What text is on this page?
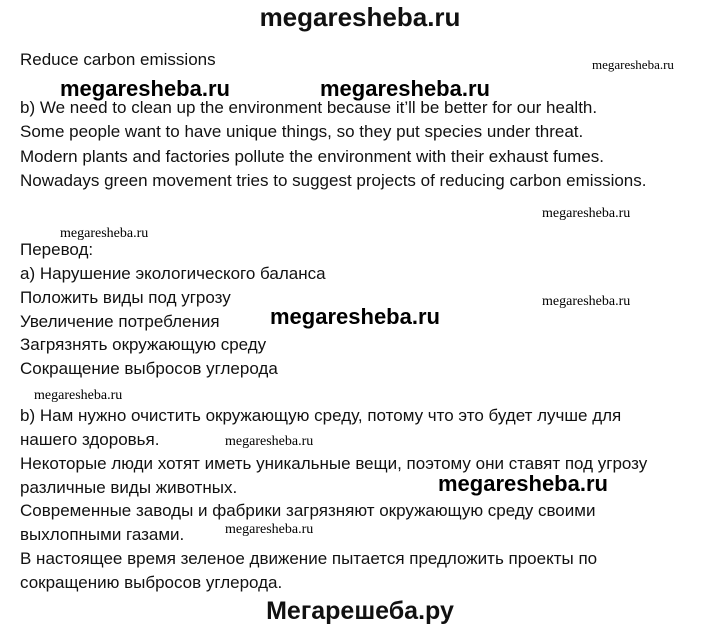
megaresheba.ru
Reduce carbon emissions
b) We need to clean up the environment because it’ll be better for our health.
Some people want to have unique things, so they put species under threat.
Modern plants and factories pollute the environment with their exhaust fumes.
Nowadays green movement tries to suggest projects of reducing carbon emissions.
Перевод:
a) Нарушение экологического баланса
Положить виды под угрозу
Увеличение потребления
Загрязнять окружающую среду
Сокращение выбросов углерода
b) Нам нужно очистить окружающую среду, потому что это будет лучше для
нашего здоровья.
Некоторые люди хотят иметь уникальные вещи, поэтому они ставят под угрозу
различные виды животных.
Современные заводы и фабрики загрязняют окружающую среду своими
выхлопными газами.
В настоящее время зеленое движение пытается предложить проекты по
сокращению выбросов углерода.
megaresheba.ru	megaresheba.ru
megaresheba.ru
megaresheba.ru
megaresheba.ru
megaresheba.ru
megaresheba.ru
megaresheba.ru
megaresheba.ru
megaresheba.ru
megaresheba.ru
Мегарешеба.ру
